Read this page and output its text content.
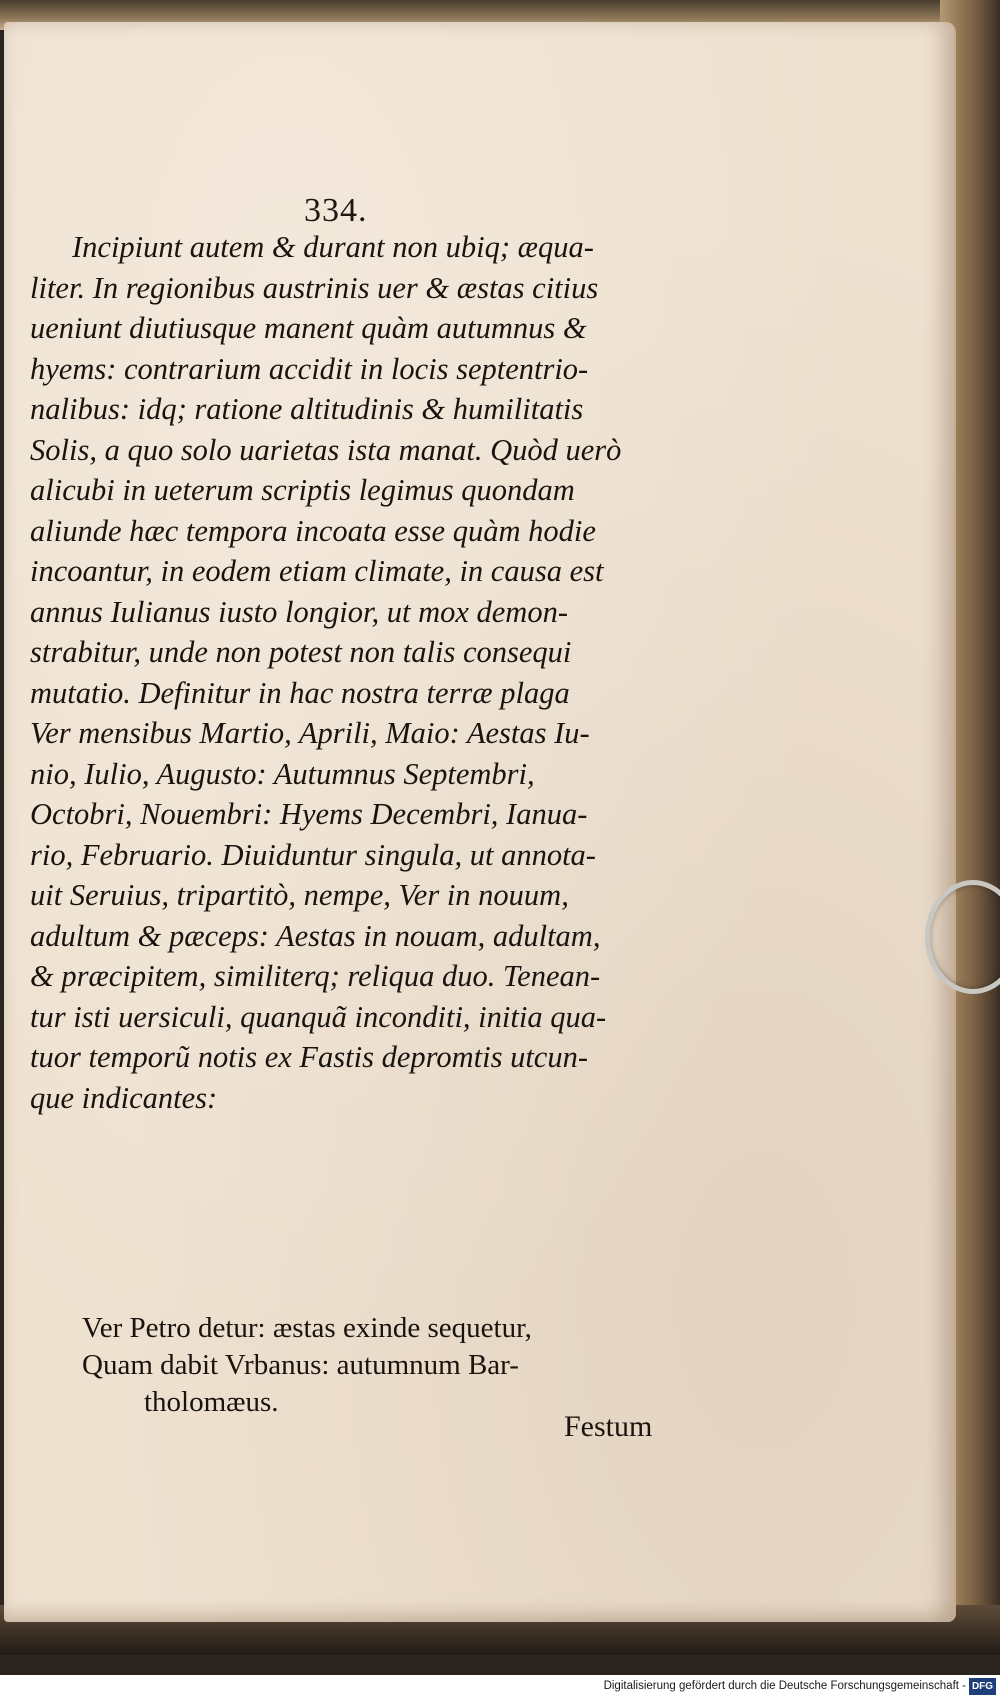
334.
Incipiunt autem & durant non ubiq; æqua-
liter. In regionibus austrinis uer & æstas citius
ueniunt diutiusque manent quàm autumnus &
hyems: contrarium accidit in locis septentrio-
nalibus: idq; ratione altitudinis & humilitatis
Solis, a quo solo uarietas ista manat. Quòd uerò
alicubi in ueterum scriptis legimus quondam
aliunde hæc tempora incoata esse quàm hodie
incoantur, in eodem etiam climate, in causa est
annus Iulianus iusto longior, ut mox demon-
strabitur, unde non potest non talis consequi
mutatio. Definitur in hac nostra terræ plaga
Ver mensibus Martio, Aprili, Maio: Aestas Iu-
nio, Iulio, Augusto: Autumnus Septembri,
Octobri, Nouembri: Hyems Decembri, Ianua-
rio, Februario. Diuiduntur singula, ut annota-
uit Seruius, tripartitò, nempe, Ver in nouum,
adultum & pæceps: Aestas in nouam, adultam,
& præcipitem, similiterq; reliqua duo. Tenean-
tur isti uersiculi, quanquã inconditi, initia qua-
tuor temporũ notis ex Fastis depromtis utcun-
que indicantes:
Ver Petro detur: æstas exinde sequetur,
Quam dabit Vrbanus: autumnum Bar-
tholomæus.
Festum
Digitalisierung gefördert durch die Deutsche Forschungsgemeinschaft - DFG
